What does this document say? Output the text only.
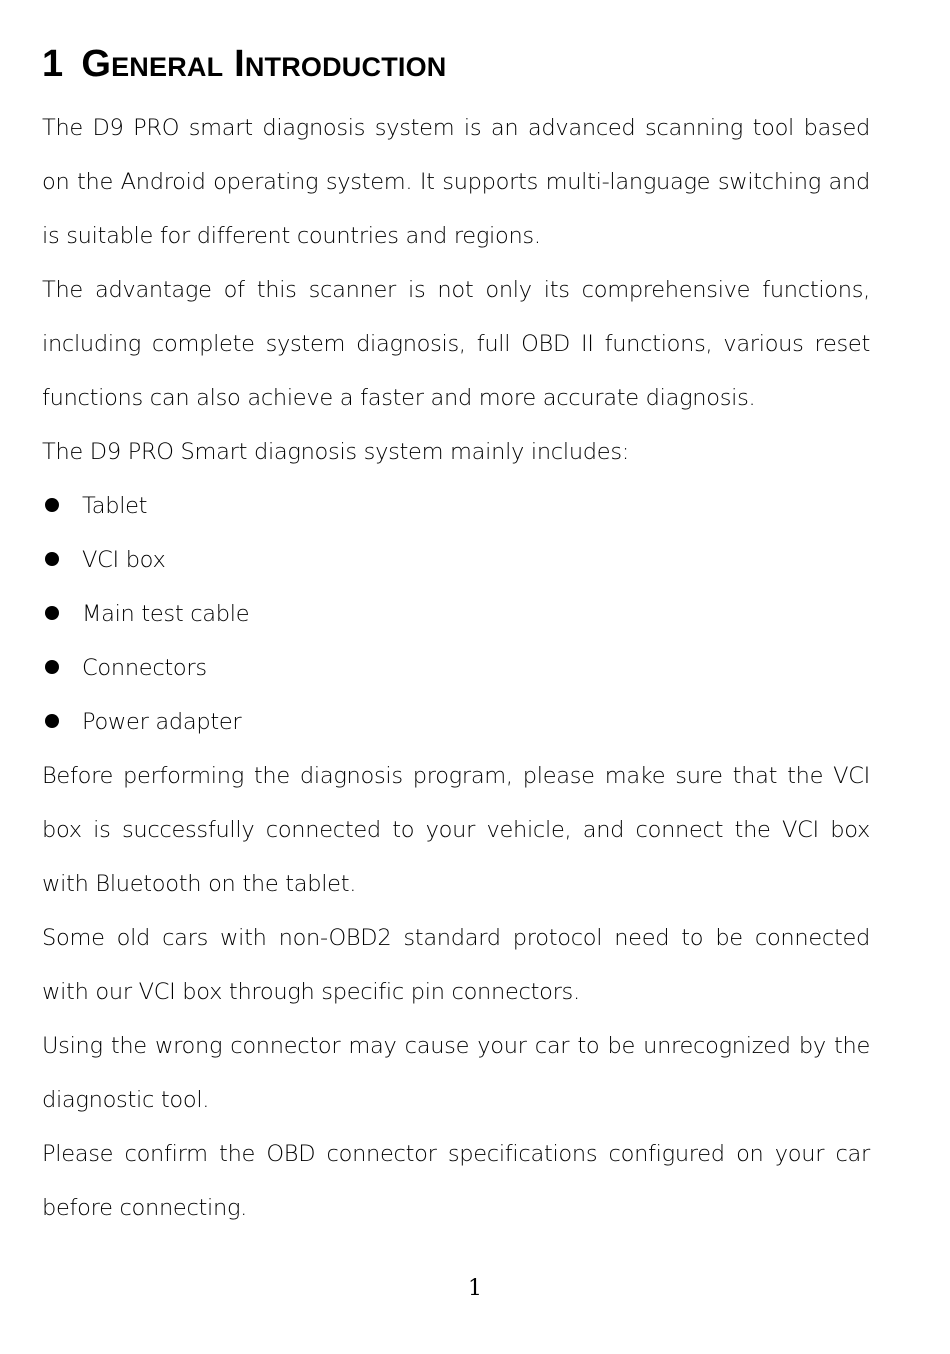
1 General Introduction

The D9 PRO smart diagnosis system is an advanced scanning tool based on the Android operating system. It supports multi-language switching and is suitable for different countries and regions.

The advantage of this scanner is not only its comprehensive functions, including complete system diagnosis, full OBD II functions, various reset functions can also achieve a faster and more accurate diagnosis.

The D9 PRO Smart diagnosis system mainly includes:

Tablet
VCI box
Main test cable
Connectors
Power adapter

Before performing the diagnosis program, please make sure that the VCI box is successfully connected to your vehicle, and connect the VCI box with Bluetooth on the tablet.

Some old cars with non-OBD2 standard protocol need to be connected with our VCI box through specific pin connectors.

Using the wrong connector may cause your car to be unrecognized by the diagnostic tool.

Please confirm the OBD connector specifications configured on your car before connecting.

1
